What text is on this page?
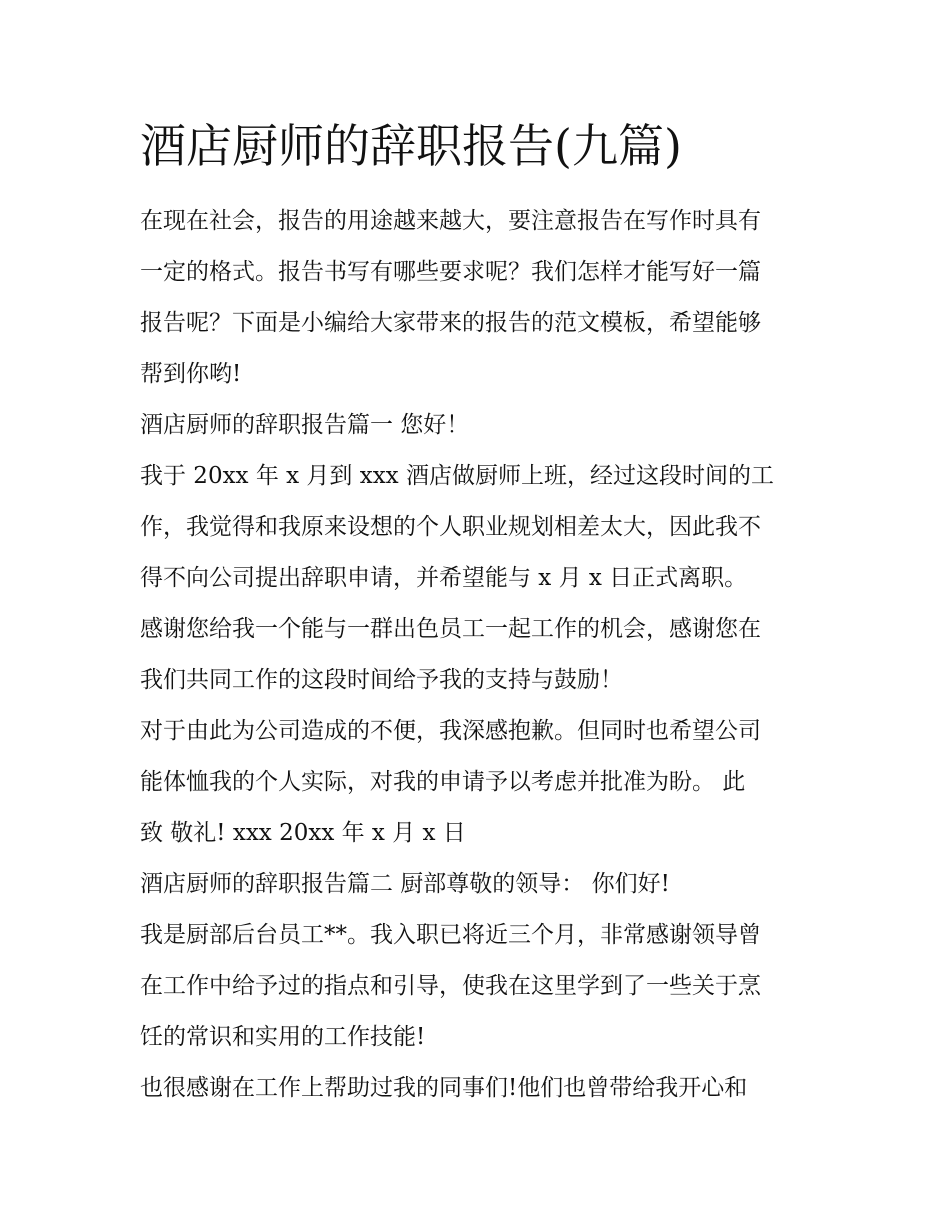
酒店厨师的辞职报告(九篇)
在现在社会，报告的用途越来越大，要注意报告在写作时具有
一定的格式。报告书写有哪些要求呢？我们怎样才能写好一篇
报告呢？下面是小编给大家带来的报告的范文模板，希望能够
帮到你哟!
酒店厨师的辞职报告篇一 您好！
我于 20xx 年 x 月到 xxx 酒店做厨师上班，经过这段时间的工
作，我觉得和我原来设想的个人职业规划相差太大，因此我不
得不向公司提出辞职申请，并希望能与 x 月 x 日正式离职。
感谢您给我一个能与一群出色员工一起工作的机会，感谢您在
我们共同工作的这段时间给予我的支持与鼓励！
对于由此为公司造成的不便，我深感抱歉。但同时也希望公司
能体恤我的个人实际，对我的申请予以考虑并批准为盼。 此
致 敬礼! xxx 20xx 年 x 月 x 日
酒店厨师的辞职报告篇二 厨部尊敬的领导： 你们好!
我是厨部后台员工**。我入职已将近三个月，非常感谢领导曾
在工作中给予过的指点和引导，使我在这里学到了一些关于烹
饪的常识和实用的工作技能!
也很感谢在工作上帮助过我的同事们!他们也曾带给我开心和
